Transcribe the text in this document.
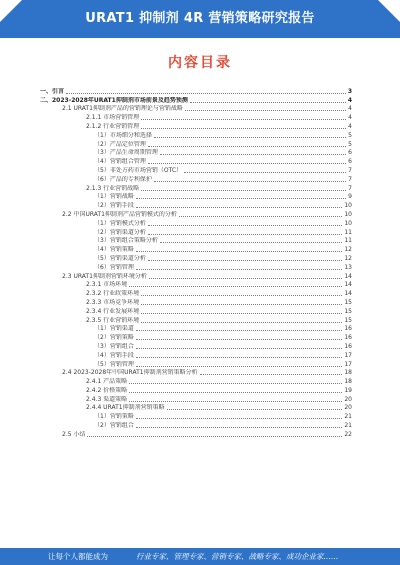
URAT1 抑制剂 4R 营销策略研究报告
内容目录
一、引言	3
二、2023-2028年URAT1抑制剂市场前景及趋势预测	4
2.1 URAT1抑制剂产品的营销理论与营销战略	4
2.1.1 市场营销管理	4
2.1.2 行业营销管理	4
（1）市场细分和选择	5
（2）产品定位管理	5
（3）产品生命周期管理	6
（4）营销组合管理	6
（5）非处方药市场营销（OTC）	7
（6）产品的专利保护	7
2.1.3 行业营销战略	7
（1）营销战略	9
（2）营销手段	10
2.2 中国URAT1抑制剂产品营销模式的分析	10
（1）营销模式分析	10
（2）营销渠道分析	11
（3）营销组合策略分析	11
（4）营销策略	12
（5）营销渠道分析	12
（6）营销管理	13
2.3 URAT1抑制剂营销环境分析	14
2.3.1 市场环境	14
2.3.2 行业政策环境	14
2.3.3 市场竞争环境	15
2.3.4 行业发展环境	15
2.3.5 行业营销环境	15
（1）营销渠道	16
（2）营销策略	16
（3）营销组合	16
（4）营销手段	17
（5）营销管理	17
2.4 2023-2028年中国URAT1抑制剂营销策略分析	18
2.4.1 产品策略	18
2.4.2 价格策略	19
2.4.3 渠道策略	20
2.4.4 URAT1抑制剂营销策略	20
（1）营销策略	21
（2）营销组合	21
2.5 小结	22
让每个人都能成为	行业专家、管理专家、营销专家、战略专家、成功企业家……
